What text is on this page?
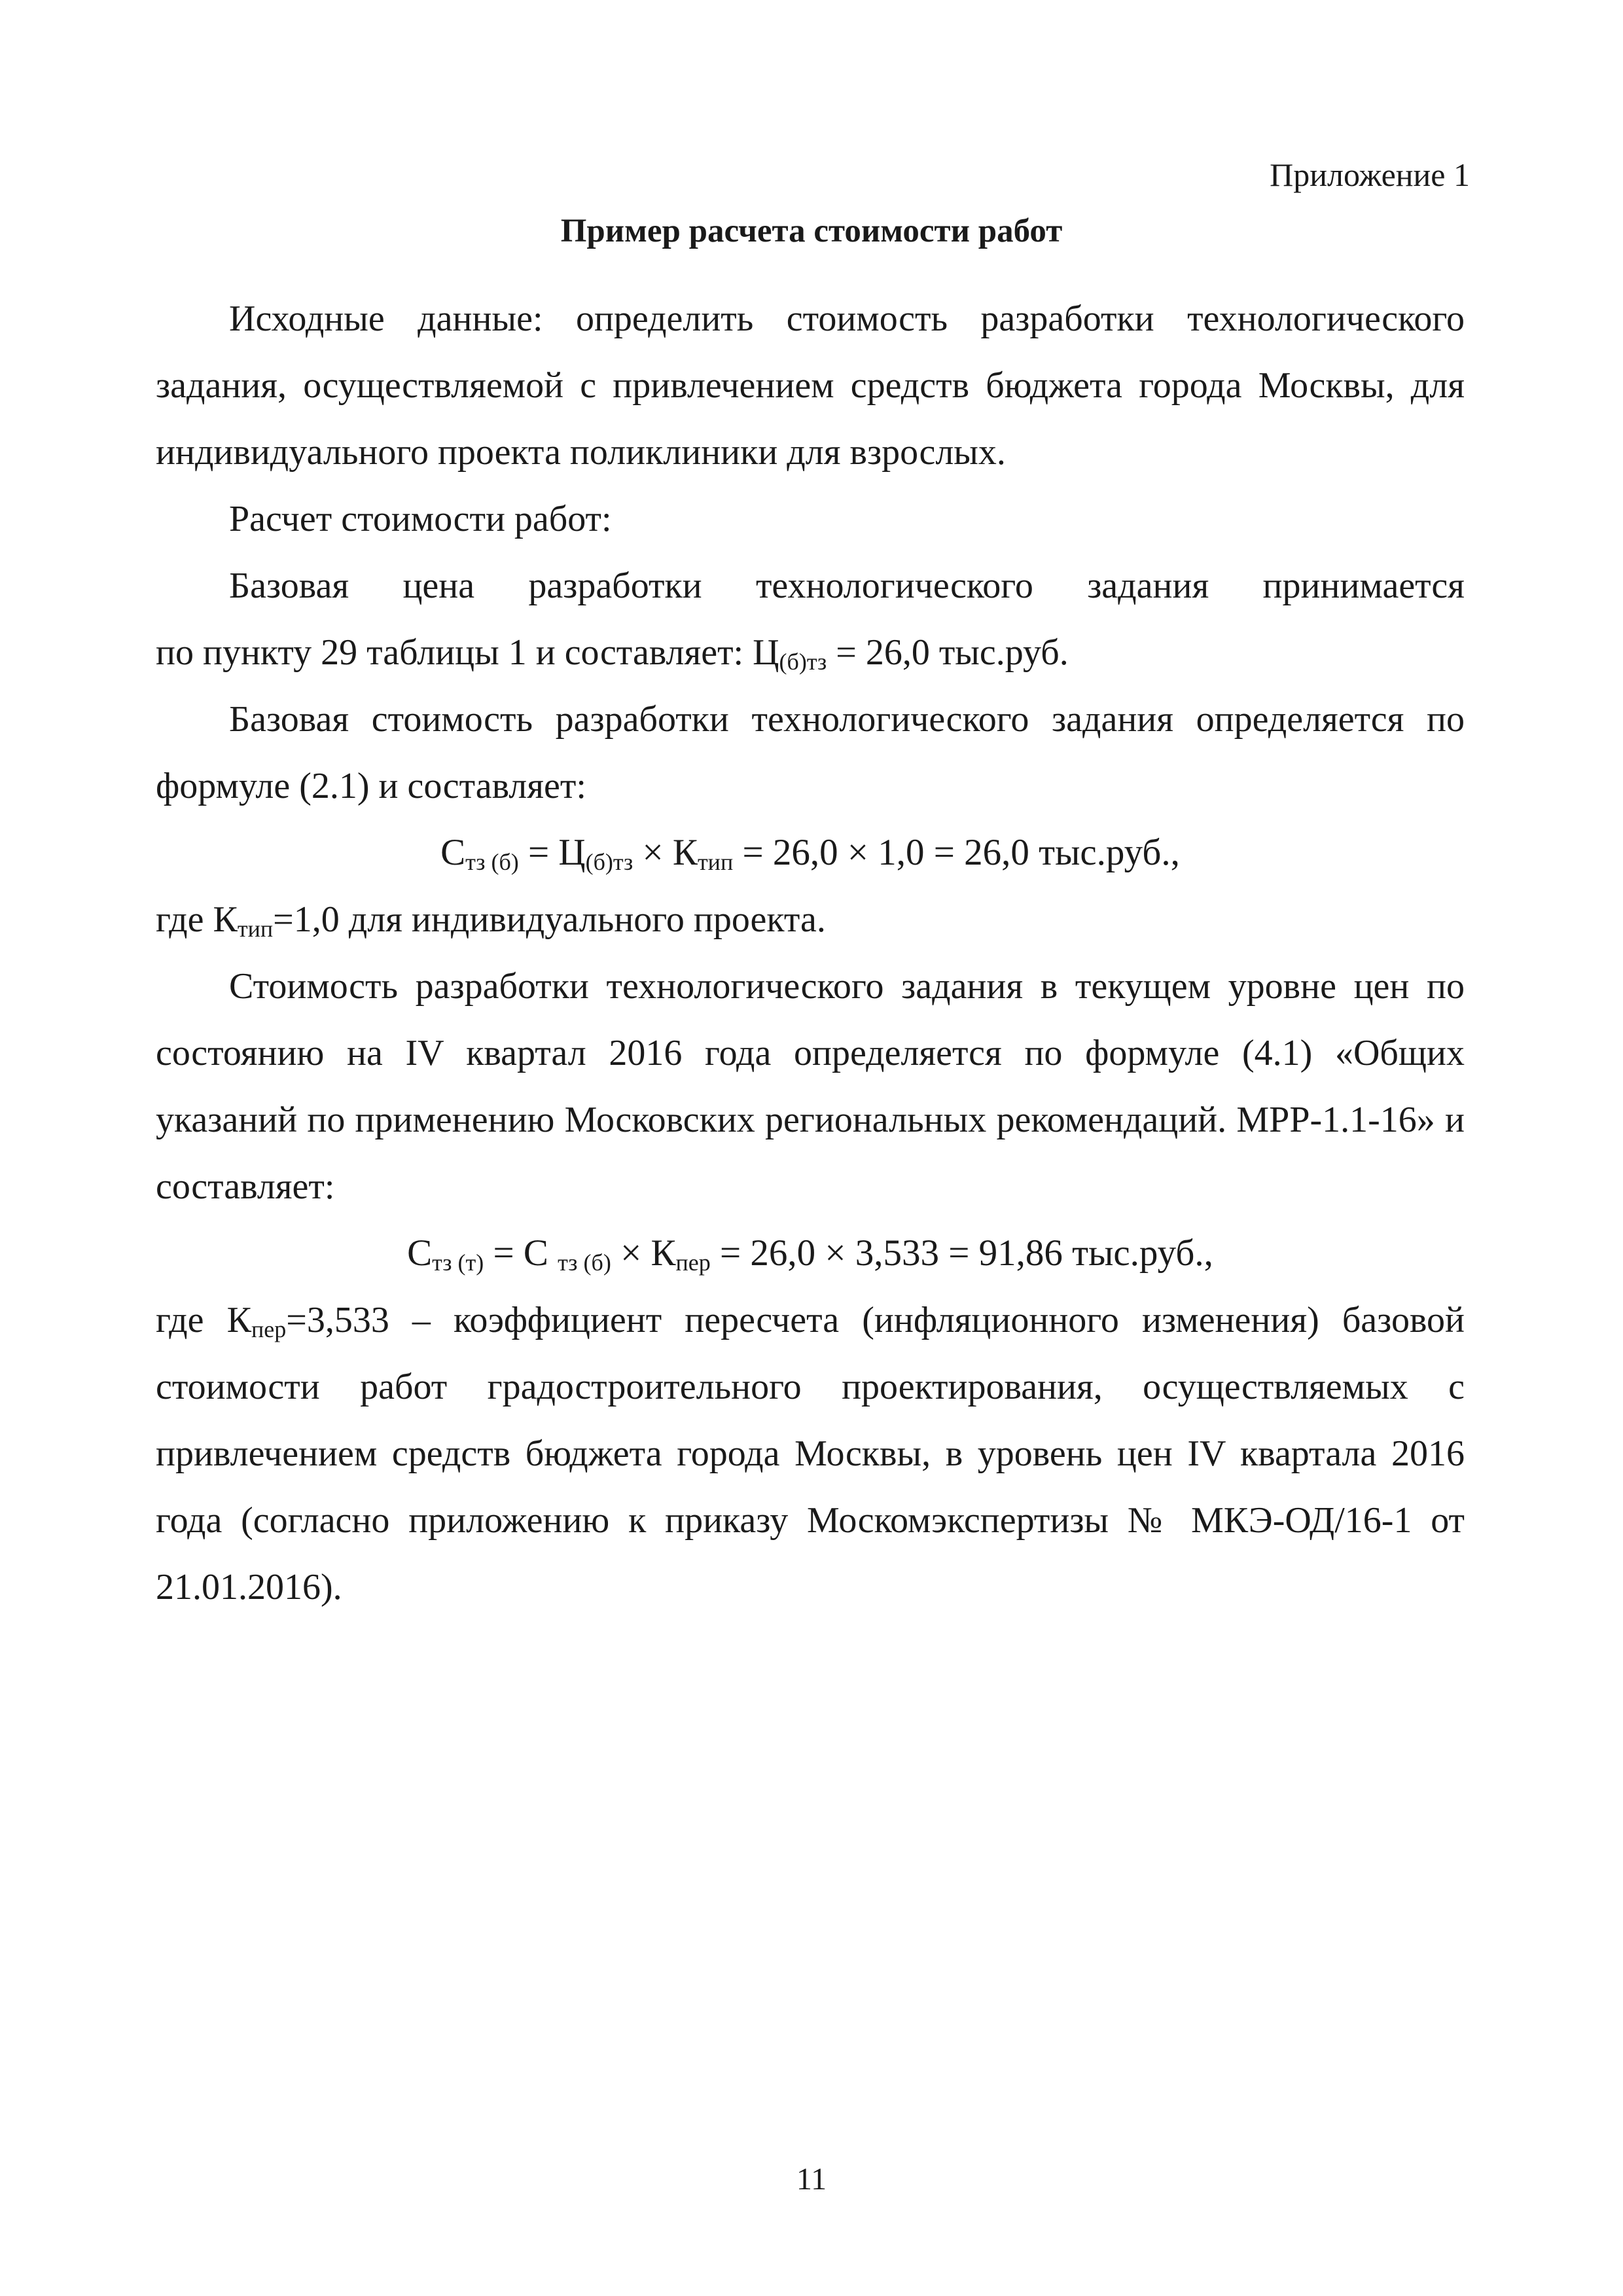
Приложение 1
Пример расчета стоимости работ

Исходные данные: определить стоимость разработки технологического задания, осуществляемой с привлечением средств бюджета города Москвы, для индивидуального проекта поликлиники для взрослых.

Расчет стоимости работ:

Базовая цена разработки технологического задания принимается

по пункту 29 таблицы 1 и составляет: $Ц_{(б)тз} = 26,0$ тыс.руб.

Базовая стоимость разработки технологического задания определяется по формуле (2.1) и составляет:

$С_{тз (б)} = Ц_{(б)тз} \times К_{тип} = 26,0 \times 1,0 = 26,0$ тыс.руб.,

где $К_{тип}=1,0$ для индивидуального проекта.

Стоимость разработки технологического задания в текущем уровне цен по состоянию на IV квартал 2016 года определяется по формуле (4.1) «Общих указаний по применению Московских региональных рекомендаций. МРР-1.1-16» и составляет:

$С_{тз (т)} = С$ $_{тз (б)} \times К_{пер} = 26,0 \times 3,533 = 91,86$ тыс.руб.,

где $К_{пер}=3,533$ – коэффициент пересчета (инфляционного изменения) базовой стоимости работ градостроительного проектирования, осуществляемых с привлечением средств бюджета города Москвы, в уровень цен IV квартала 2016 года (согласно приложению к приказу Москомэкспертизы № МКЭ-ОД/16-1 от 21.01.2016).

11
